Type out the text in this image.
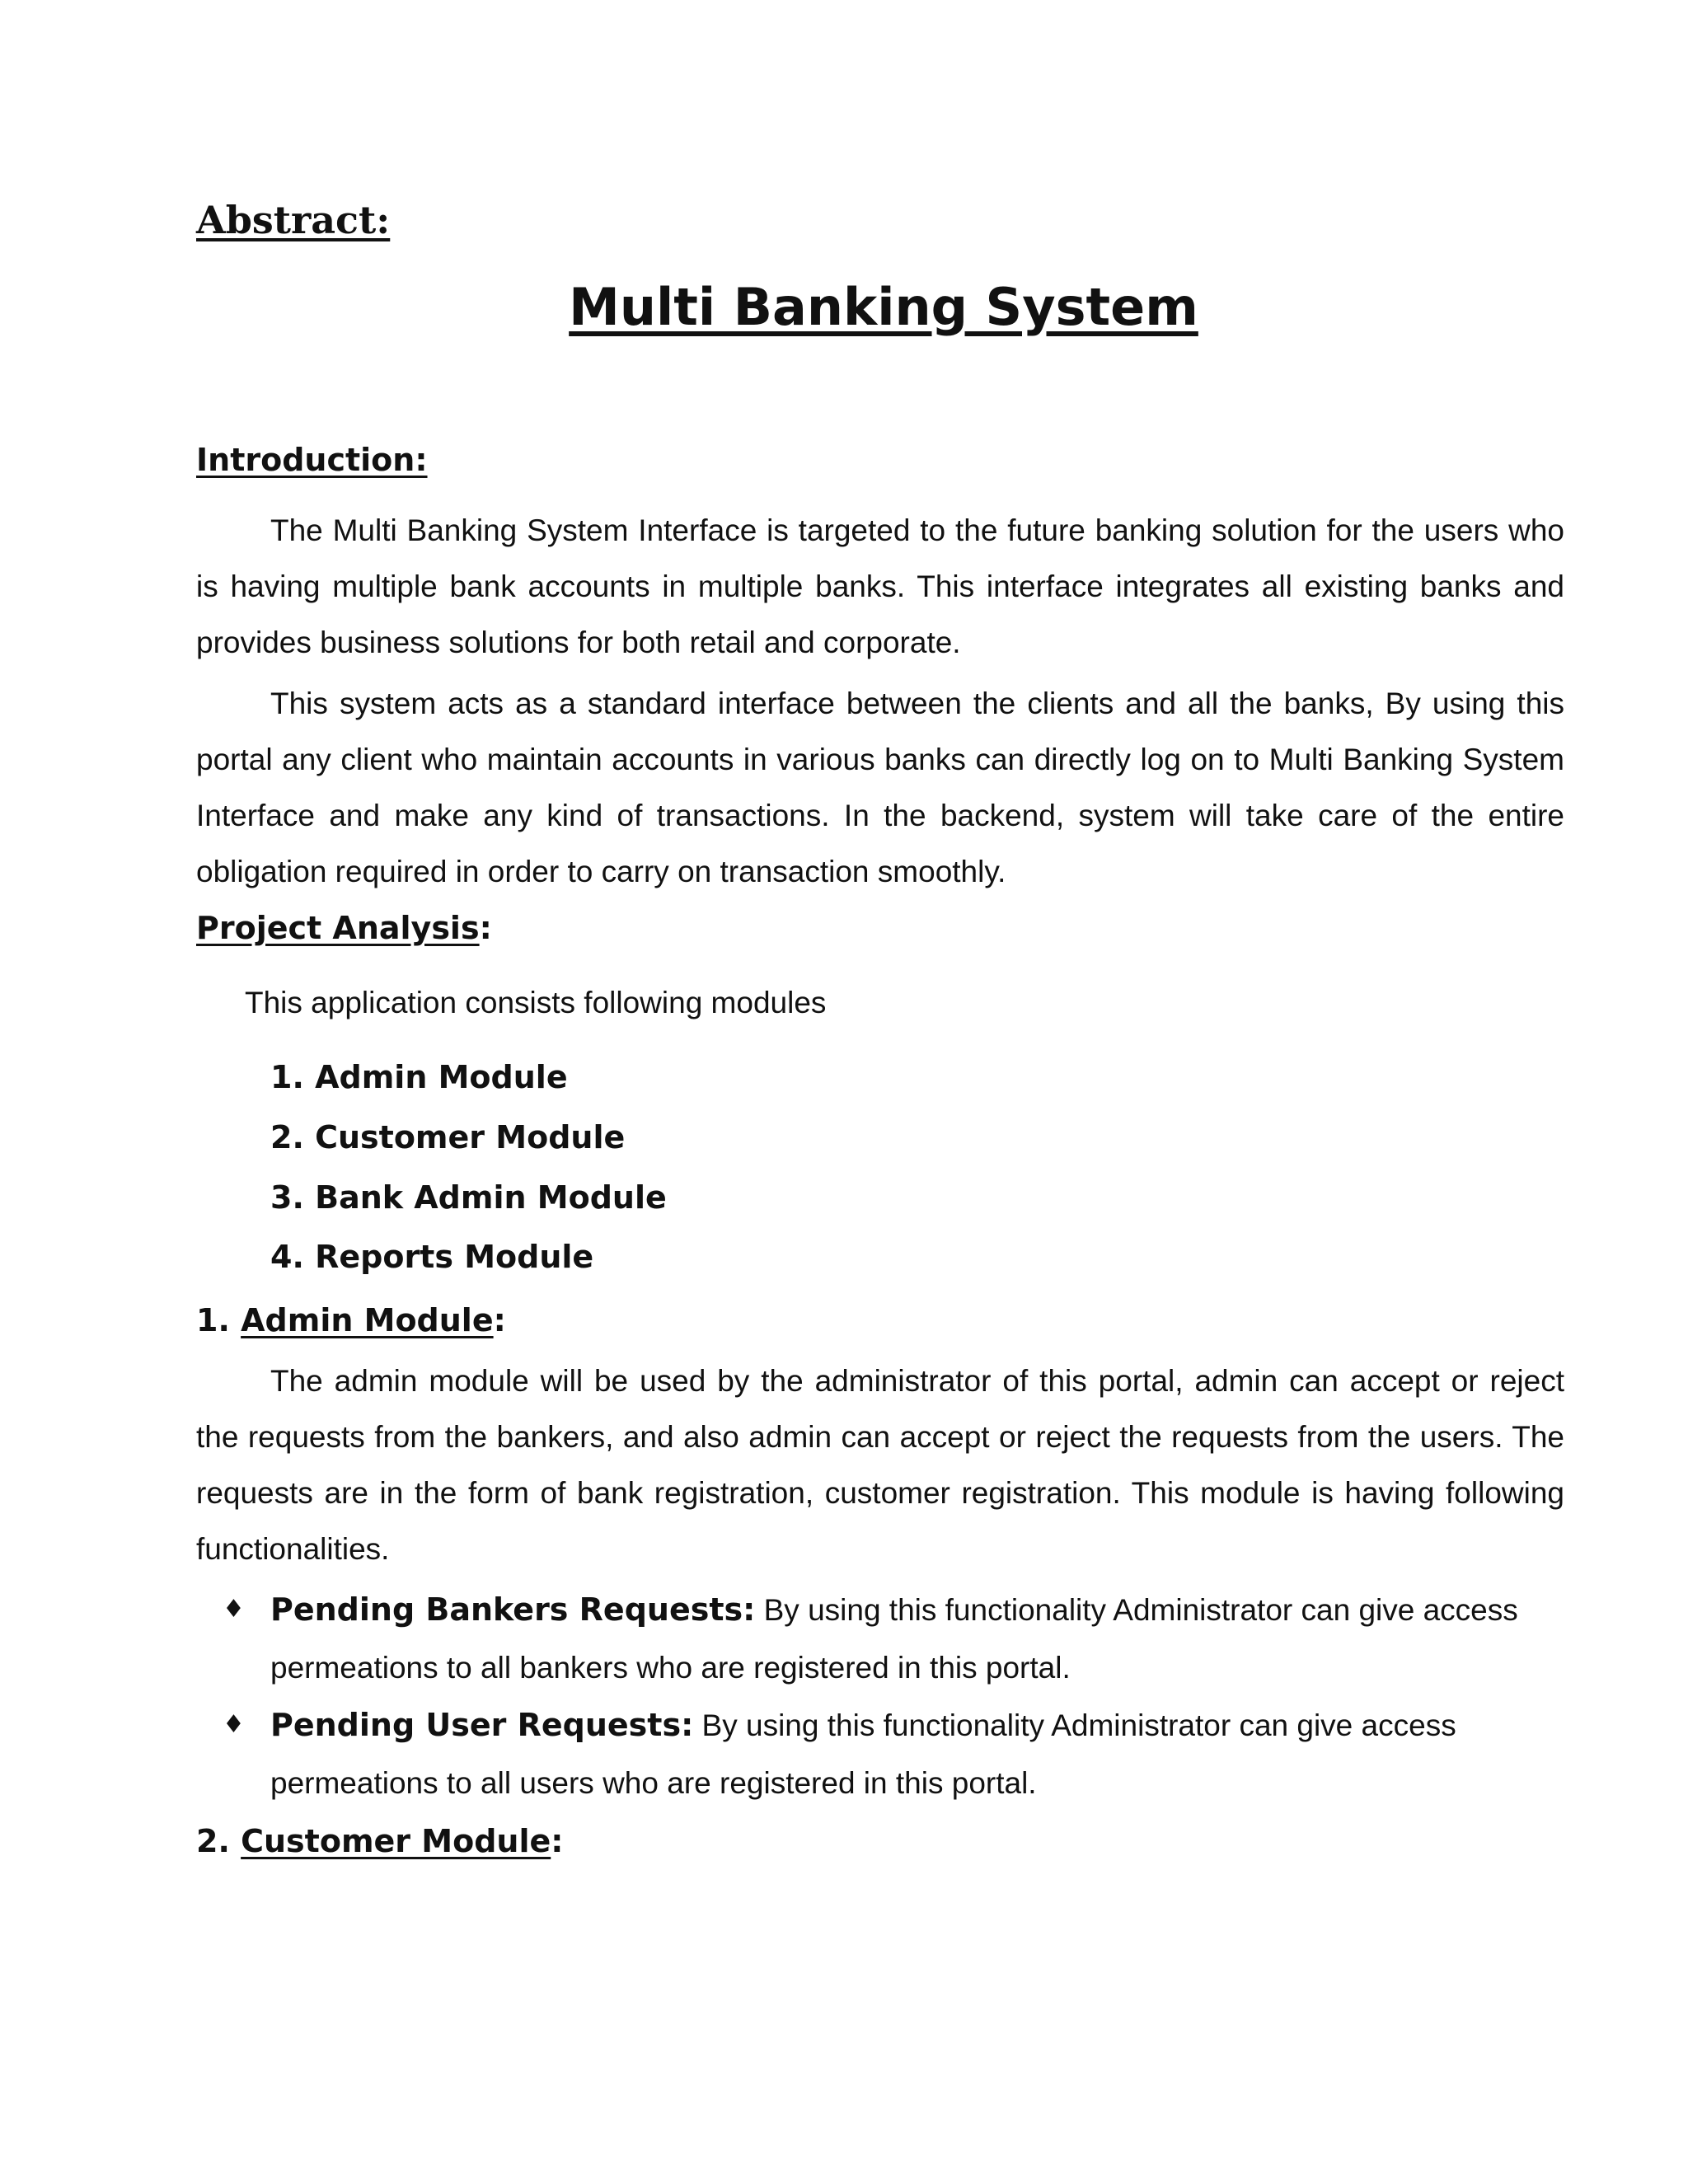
Abstract:
Multi Banking System
Introduction:

The Multi Banking System Interface is targeted to the future banking solution for the users who is having multiple bank accounts in multiple banks. This interface integrates all existing banks and provides business solutions for both retail and corporate.

This system acts as a standard interface between the clients and all the banks, By using this portal any client who maintain accounts in various banks can directly log on to Multi Banking System Interface and make any kind of transactions. In the backend, system will take care of the entire obligation required in order to carry on transaction smoothly.

Project Analysis:
This application consists following modules
1. Admin Module
2. Customer Module
3. Bank Admin Module
4. Reports Module
1. Admin Module:

The admin module will be used by the administrator of this portal, admin can accept or reject the requests from the bankers, and also admin can accept or reject the requests from the users. The requests are in the form of bank registration, customer registration. This module is having following functionalities.

♦ Pending Bankers Requests: By using this functionality Administrator can give access permeations to all bankers who are registered in this portal.
♦ Pending User Requests: By using this functionality Administrator can give access permeations to all users who are registered in this portal.
2. Customer Module:
